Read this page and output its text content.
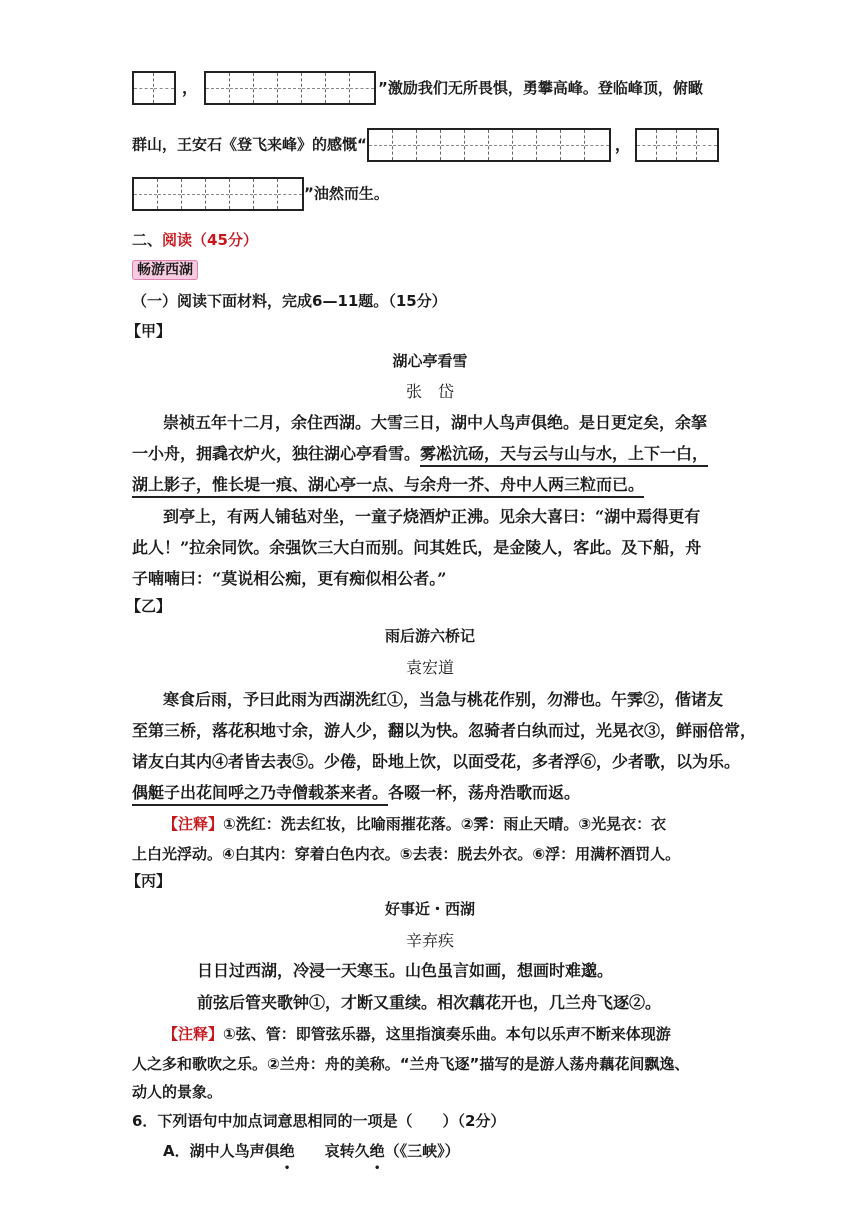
，	”激励我们无所畏惧，勇攀高峰。登临峰顶，俯瞰
群山，王安石《登飞来峰》的感慨“	，
”油然而生。
二、阅读（45分）
畅游西湖
（一）阅读下面材料，完成6—11题。（15分）
【甲】
湖心亭看雪
张　岱
崇祯五年十二月，余住西湖。大雪三日，湖中人鸟声俱绝。是日更定矣，余拏
一小舟，拥毳衣炉火，独往湖心亭看雪。雾凇沆砀，天与云与山与水，上下一白，
湖上影子，惟长堤一痕、湖心亭一点、与余舟一芥、舟中人两三粒而已。
到亭上，有两人铺毡对坐，一童子烧酒炉正沸。见余大喜曰：“湖中焉得更有
此人！”拉余同饮。余强饮三大白而别。问其姓氏，是金陵人，客此。及下船，舟
子喃喃曰：“莫说相公痴，更有痴似相公者。”
【乙】
雨后游六桥记
袁宏道
寒食后雨，予曰此雨为西湖洗红①，当急与桃花作别，勿滞也。午霁②，偕诸友
至第三桥，落花积地寸余，游人少，翻以为快。忽骑者白纨而过，光晃衣③，鲜丽倍常，
诸友白其内④者皆去表⑤。少倦，卧地上饮，以面受花，多者浮⑥，少者歌，以为乐。
偶艇子出花间呼之乃寺僧载茶来者。各啜一杯，荡舟浩歌而返。
【注释】①洗红：洗去红妆，比喻雨摧花落。②霁：雨止天晴。③光晃衣：衣
上白光浮动。④白其内：穿着白色内衣。⑤去表：脱去外衣。⑥浮：用满杯酒罚人。
【丙】
好事近・西湖
辛弃疾
日日过西湖，冷浸一天寒玉。山色虽言如画，想画时难邈。
前弦后管夹歌钟①，才断又重续。相次藕花开也，几兰舟飞逐②。
【注释】①弦、管：即管弦乐器，这里指演奏乐曲。本句以乐声不断来体现游
人之多和歌吹之乐。②兰舟：舟的美称。“兰舟飞逐”描写的是游人荡舟藕花间飘逸、
动人的景象。
6．下列语句中加点词意思相同的一项是（　　）（2分）
A．湖中人鸟声俱绝 哀转久绝（《三峡》）
